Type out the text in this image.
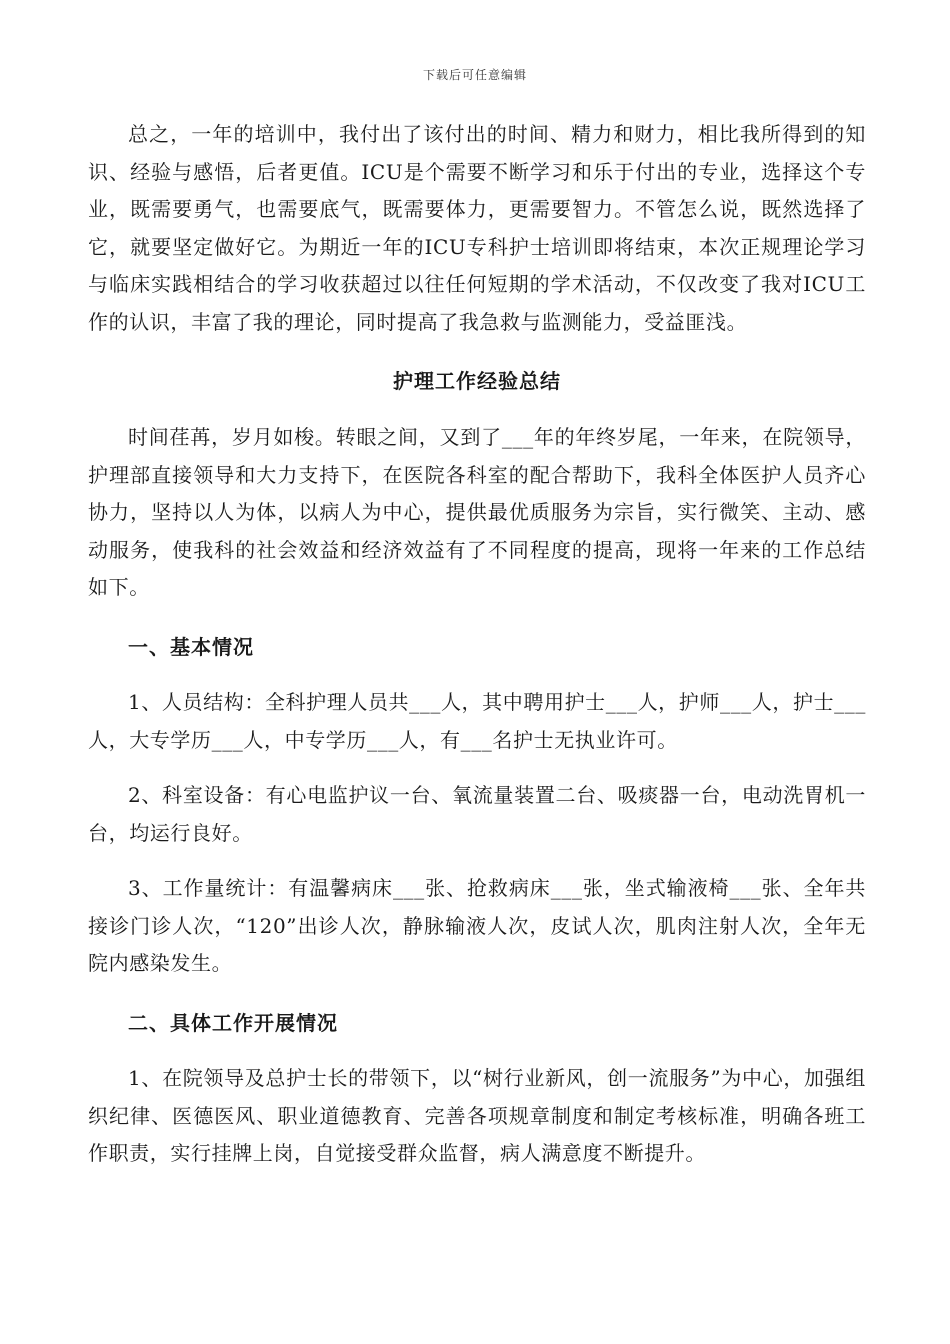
下载后可任意编辑

总之，一年的培训中，我付出了该付出的时间、精力和财力，相比我所得到的知识、经验与感悟，后者更值。ICU是个需要不断学习和乐于付出的专业，选择这个专业，既需要勇气，也需要底气，既需要体力，更需要智力。不管怎么说，既然选择了它，就要坚定做好它。为期近一年的ICU专科护士培训即将结束，本次正规理论学习与临床实践相结合的学习收获超过以往任何短期的学术活动，不仅改变了我对ICU工作的认识，丰富了我的理论，同时提高了我急救与监测能力，受益匪浅。

护理工作经验总结

时间荏苒，岁月如梭。转眼之间，又到了___年的年终岁尾，一年来，在院领导，护理部直接领导和大力支持下，在医院各科室的配合帮助下，我科全体医护人员齐心协力，坚持以人为体，以病人为中心，提供最优质服务为宗旨，实行微笑、主动、感动服务，使我科的社会效益和经济效益有了不同程度的提高，现将一年来的工作总结如下。

一、基本情况

1、人员结构：全科护理人员共___人，其中聘用护士___人，护师___人，护士___人，大专学历___人，中专学历___人，有___名护士无执业许可。

2、科室设备：有心电监护议一台、氧流量装置二台、吸痰器一台，电动洗胃机一台，均运行良好。

3、工作量统计：有温馨病床___张、抢救病床___张，坐式输液椅___张、全年共接诊门诊人次，“120”出诊人次，静脉输液人次，皮试人次，肌肉注射人次，全年无院内感染发生。

二、具体工作开展情况

1、在院领导及总护士长的带领下，以“树行业新风，创一流服务”为中心，加强组织纪律、医德医风、职业道德教育、完善各项规章制度和制定考核标准，明确各班工作职责，实行挂牌上岗，自觉接受群众监督，病人满意度不断提升。
